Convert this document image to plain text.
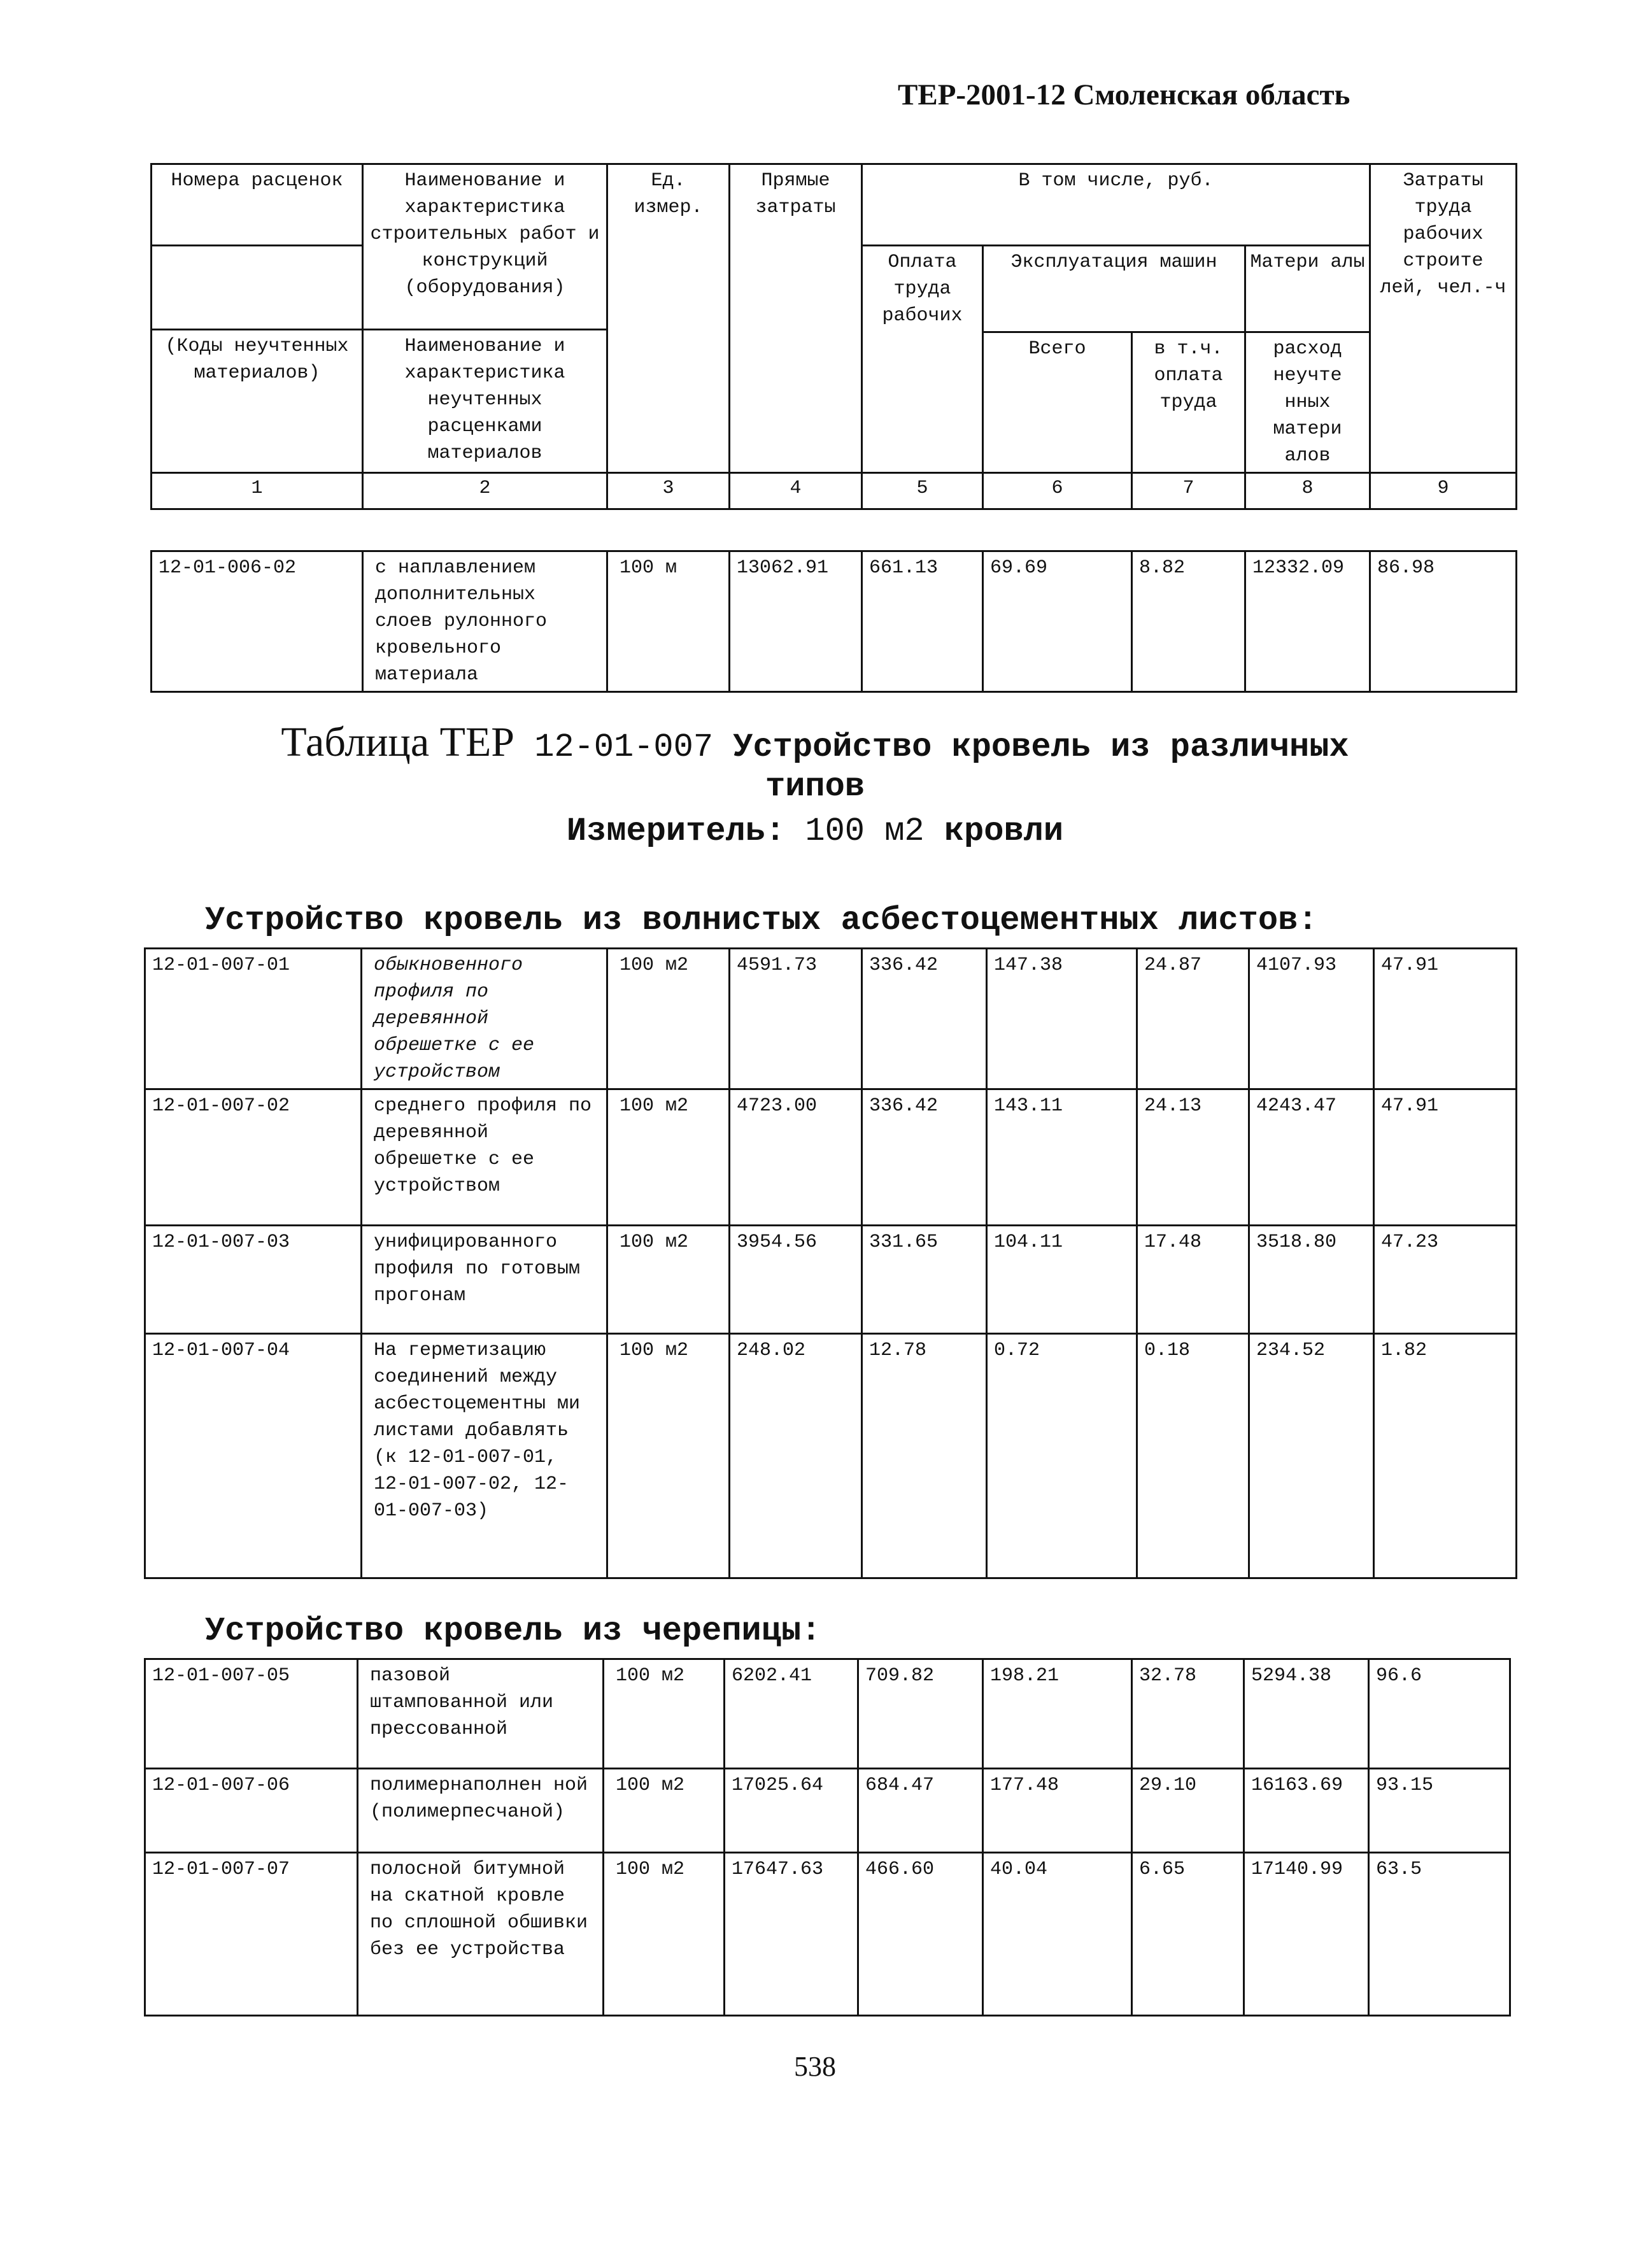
ТЕР-2001-12 Смоленская область
Номера расценок	Наименование и характеристика строительных работ и конструкций (оборудования)	Ед. измер.	Прямые затраты	В том числе, руб.				Затраты труда рабочих строите лей, чел.-ч
				Оплата труда рабочих	Эксплуатация машин		Матери алы	
(Коды неучтенных материалов)	Наименование и характеристика неучтенных расценками материалов							
					Всего	в т.ч. оплата труда	расход неучте нных матери алов	
1	2	3	4	5	6	7	8	9
12-01-006-02	с наплавлением дополнительных слоев рулонного кровельного материала	100 м	13062.91	661.13	69.69	8.82	12332.09	86.98
Таблица ТЕР 12-01-007 Устройство кровель из различных
типов
Измеритель: 100 м2 кровли
Устройство кровель из волнистых асбестоцементных листов:
12-01-007-01	обыкновенного профиля по деревянной обрешетке с ее устройством	100 м2	4591.73	336.42	147.38	24.87	4107.93	47.91
12-01-007-02	среднего профиля по деревянной обрешетке с ее устройством	100 м2	4723.00	336.42	143.11	24.13	4243.47	47.91
12-01-007-03	унифицированного профиля по готовым прогонам	100 м2	3954.56	331.65	104.11	17.48	3518.80	47.23
12-01-007-04	На герметизацию соединений между асбестоцементны ми листами добавлять (к 12-01-007-01, 12-01-007-02, 12-01-007-03)	100 м2	248.02	12.78	0.72	0.18	234.52	1.82
Устройство кровель из черепицы:
12-01-007-05	пазовой штампованной или прессованной	100 м2	6202.41	709.82	198.21	32.78	5294.38	96.6
12-01-007-06	полимернаполнен ной (полимерпесчаной)	100 м2	17025.64	684.47	177.48	29.10	16163.69	93.15
12-01-007-07	полосной битумной на скатной кровле по сплошной обшивки без ее устройства	100 м2	17647.63	466.60	40.04	6.65	17140.99	63.5
538
